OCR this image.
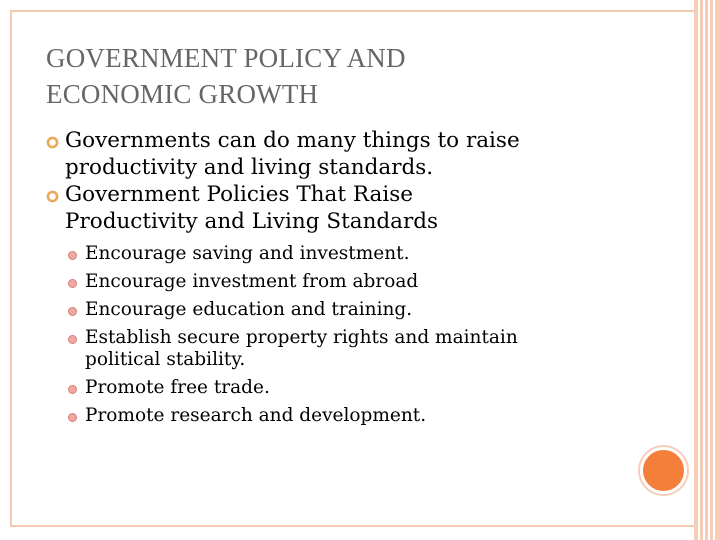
GOVERNMENT POLICY AND
ECONOMIC GROWTH

Governments can do many things to raise
productivity and living standards.

Government Policies That Raise
Productivity and Living Standards

Encourage saving and investment.
Encourage investment from abroad
Encourage education and training.
Establish secure property rights and maintain
political stability.
Promote free trade.
Promote research and development.
